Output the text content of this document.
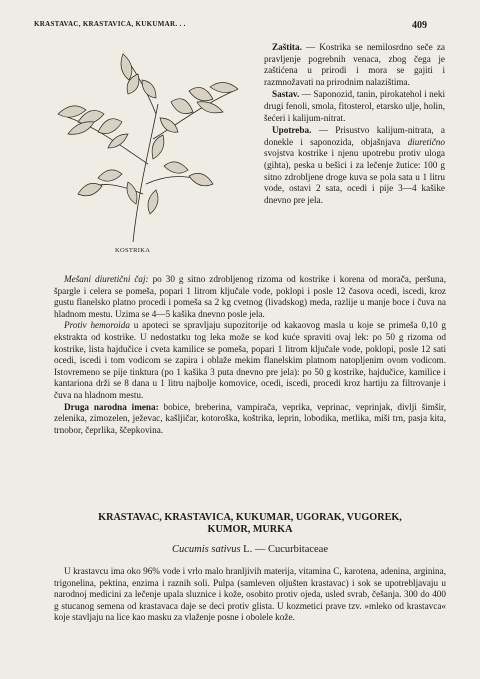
KRASTAVAC, KRASTAVICA, KUKUMAR. . .	409
KOSTRIKA

Zaštita. — Kostrika se nemilosrdno seče za pravljenje pogrebnih venaca, zbog čega je zaštićena u prirodi i mora se gajiti i razmnožavati na prirodnim nalazištima.

Sastav. — Saponozid, tanin, pirokatehol i neki drugi fenoli, smola, fitosterol, etarsko ulje, holin, šećeri i kalijum-nitrat.

Upotreba. — Prisustvo kalijum-nitrata, a donekle i saponozida, objašnjava diuretično svojstva kostrike i njenu upotrebu protiv uloga (gihta), peska u bešici i za lečenje žutice: 100 g sitno zdrobljene droge kuva se pola sata u 1 litru vode, ostavi 2 sata, ocedi i pije 3—4 kašike dnevno pre jela.

Mešani diuretični čaj: po 30 g sitno zdrobljenog rizoma od kostrike i korena od morača, peršuna, špargle i celera se pomeša, popari 1 litrom ključale vode, poklopi i posle 12 časova ocedi, iscedi, kroz gustu flanelsko platno procedi i pomeša sa 2 kg cvetnog (livadskog) meda, razlije u manje boce i čuva na hladnom mestu. Uzima se 4—5 kašika dnevno posle jela.

Protiv hemoroida u apoteci se spravljaju supozitorije od kakaovog masla u koje se primeša 0,10 g ekstrakta od kostrike. U nedostatku tog leka može se kod kuće spraviti ovaj lek: po 50 g rizoma od kostrike, lista hajdučice i cveta kamilice se pomeša, popari 1 litrom ključale vode, poklopi, posle 12 sati ocedi, iscedi i tom vodicom se zapira i oblaže mekim flanelskim platnom natopljenim ovom vodicom. Istovremeno se pije tinktura (po 1 kašika 3 puta dnevno pre jela): po 50 g kostrike, hajdučice, kamilice i kantariona drži se 8 dana u 1 litru najbolje komovice, ocedi, iscedi, procedi kroz hartiju za filtrovanje i čuva na hladnom mestu.

Druga narodna imena: bobice, breberina, vampirača, veprika, veprinac, veprinjak, divlji šimšir, zelenika, zimozelen, ježevac, kašljičar, kotoroška, koštrika, leprin, lobodika, metlika, miši trn, pasja kita, trnobor, čeprlika, ščepkovina.

KRASTAVAC, KRASTAVICA, KUKUMAR, UGORAK, VUGOREK,
KUMOR, MURKA
Cucumis sativus L. — Cucurbitaceae

U krastavcu ima oko 96% vode i vrlo malo hranljivih materija, vitamina C, karotena, adenina, arginina, trigonelina, pektina, enzima i raznih soli. Pulpa (samleven oljušten krastavac) i sok se upotrebljavaju u narodnoj medicini za lečenje upala sluznice i kože, osobito protiv ojeda, usled svrab, češanja. 300 do 400 g stucanog semena od krastavaca daje se deci protiv glista. U kozmetici prave tzv. »mleko od krastavca« koje stavljaju na lice kao masku za vlaženje posne i obolele kože.
